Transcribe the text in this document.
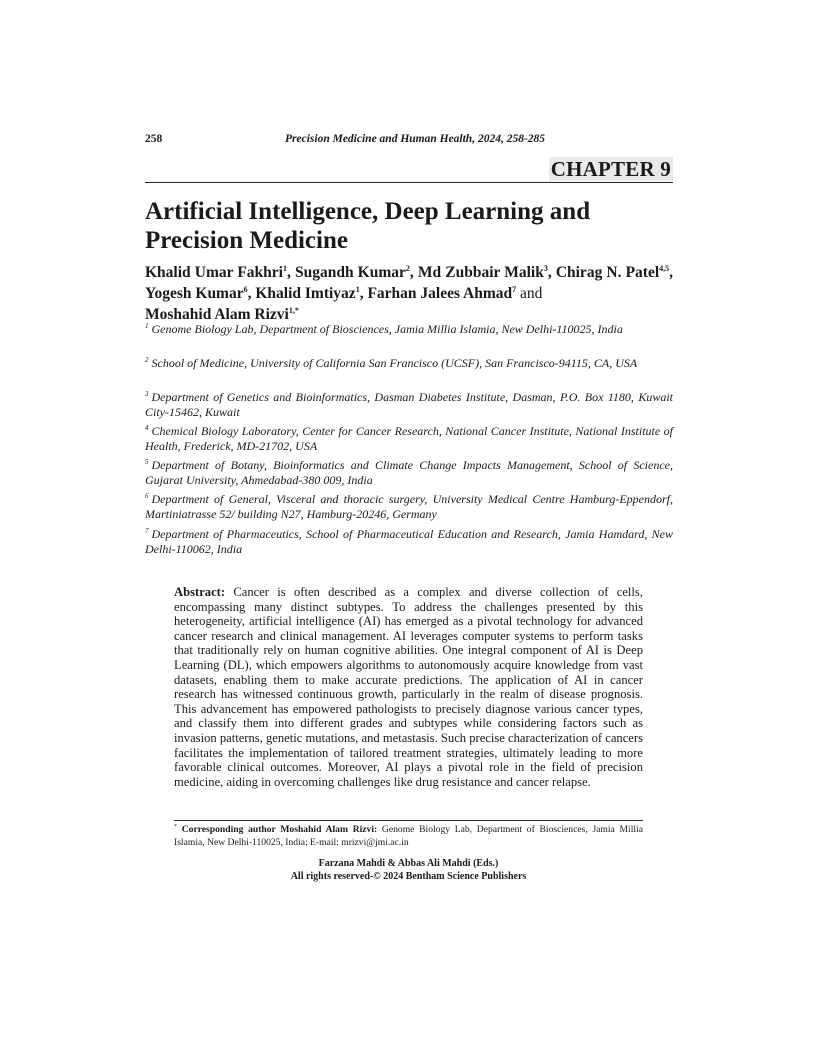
258	Precision Medicine and Human Health, 2024, 258-285
CHAPTER 9
Artificial Intelligence, Deep Learning and Precision Medicine
Khalid Umar Fakhri$^1$, Sugandh Kumar$^2$, Md Zubbair Malik$^3$, Chirag N. Patel$^{4,5}$, Yogesh Kumar$^6$, Khalid Imtiyaz$^1$, Farhan Jalees Ahmad$^7$ and
Moshahid Alam Rizvi$^{1,*}$
$^1$ Genome Biology Lab, Department of Biosciences, Jamia Millia Islamia, New Delhi-110025, India
$^2$ School of Medicine, University of California San Francisco (UCSF), San Francisco-94115, CA, USA
$^3$ Department of Genetics and Bioinformatics, Dasman Diabetes Institute, Dasman, P.O. Box 1180, Kuwait City-15462, Kuwait
$^4$ Chemical Biology Laboratory, Center for Cancer Research, National Cancer Institute, National Institute of Health, Frederick, MD-21702, USA
$^5$ Department of Botany, Bioinformatics and Climate Change Impacts Management, School of Science, Gujarat University, Ahmedabad-380 009, India
$^6$ Department of General, Visceral and thoracic surgery, University Medical Centre Hamburg-Eppendorf, Martiniatrasse 52/ building N27, Hamburg-20246, Germany
$^7$ Department of Pharmaceutics, School of Pharmaceutical Education and Research, Jamia Hamdard, New Delhi-110062, India
Abstract: Cancer is often described as a complex and diverse collection of cells, encompassing many distinct subtypes. To address the challenges presented by this heterogeneity, artificial intelligence (AI) has emerged as a pivotal technology for advanced cancer research and clinical management. AI leverages computer systems to perform tasks that traditionally rely on human cognitive abilities. One integral component of AI is Deep Learning (DL), which empowers algorithms to autonomously acquire knowledge from vast datasets, enabling them to make accurate predictions. The application of AI in cancer research has witnessed continuous growth, particularly in the realm of disease prognosis. This advancement has empowered pathologists to precisely diagnose various cancer types, and classify them into different grades and subtypes while considering factors such as invasion patterns, genetic mutations, and metastasis. Such precise characterization of cancers facilitates the implementation of tailored treatment strategies, ultimately leading to more favorable clinical outcomes. Moreover, AI plays a pivotal role in the field of precision medicine, aiding in overcoming challenges like drug resistance and cancer relapse.
* Corresponding author Moshahid Alam Rizvi: Genome Biology Lab, Department of Biosciences, Jamia Millia Islamia, New Delhi-110025, India; E-mail: mrizvi@jmi.ac.in
Farzana Mahdi & Abbas Ali Mahdi (Eds.)
All rights reserved-© 2024 Bentham Science Publishers
